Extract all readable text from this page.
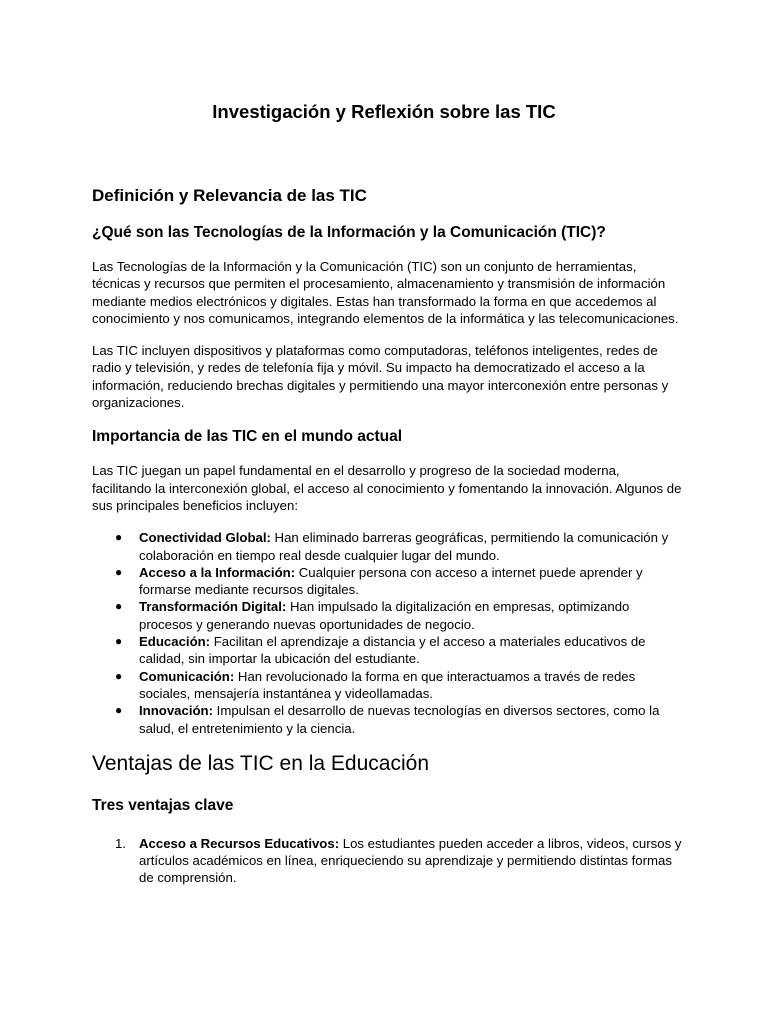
Investigación y Reflexión sobre las TIC
Definición y Relevancia de las TIC
¿Qué son las Tecnologías de la Información y la Comunicación (TIC)?

Las Tecnologías de la Información y la Comunicación (TIC) son un conjunto de herramientas, técnicas y recursos que permiten el procesamiento, almacenamiento y transmisión de información mediante medios electrónicos y digitales. Estas han transformado la forma en que accedemos al conocimiento y nos comunicamos, integrando elementos de la informática y las telecomunicaciones.

Las TIC incluyen dispositivos y plataformas como computadoras, teléfonos inteligentes, redes de radio y televisión, y redes de telefonía fija y móvil. Su impacto ha democratizado el acceso a la información, reduciendo brechas digitales y permitiendo una mayor interconexión entre personas y organizaciones.

Importancia de las TIC en el mundo actual

Las TIC juegan un papel fundamental en el desarrollo y progreso de la sociedad moderna, facilitando la interconexión global, el acceso al conocimiento y fomentando la innovación. Algunos de sus principales beneficios incluyen:

● Conectividad Global: Han eliminado barreras geográficas, permitiendo la comunicación y colaboración en tiempo real desde cualquier lugar del mundo.
● Acceso a la Información: Cualquier persona con acceso a internet puede aprender y formarse mediante recursos digitales.
● Transformación Digital: Han impulsado la digitalización en empresas, optimizando procesos y generando nuevas oportunidades de negocio.
● Educación: Facilitan el aprendizaje a distancia y el acceso a materiales educativos de calidad, sin importar la ubicación del estudiante.
● Comunicación: Han revolucionado la forma en que interactuamos a través de redes sociales, mensajería instantánea y videollamadas.
● Innovación: Impulsan el desarrollo de nuevas tecnologías en diversos sectores, como la salud, el entretenimiento y la ciencia.
Ventajas de las TIC en la Educación
Tres ventajas clave
1. Acceso a Recursos Educativos: Los estudiantes pueden acceder a libros, videos, cursos y artículos académicos en línea, enriqueciendo su aprendizaje y permitiendo distintas formas de comprensión.
